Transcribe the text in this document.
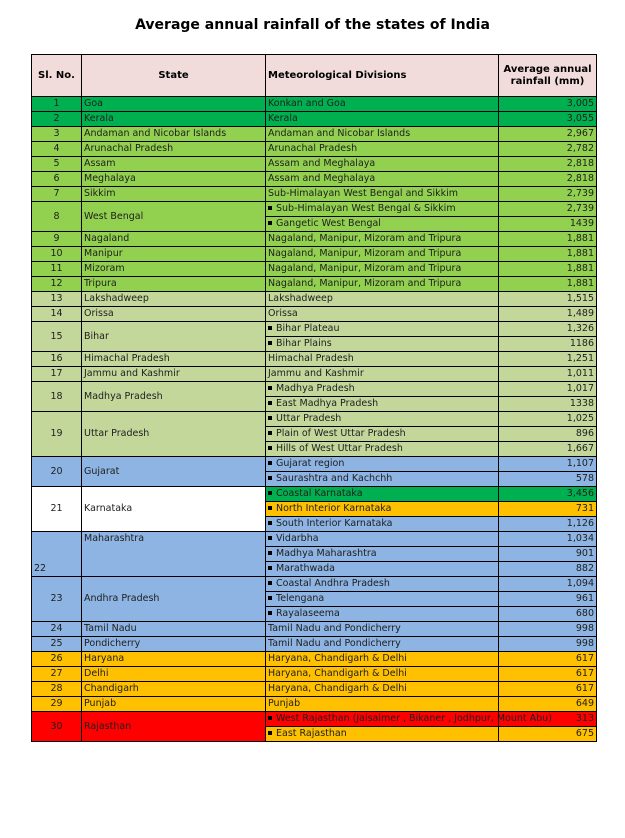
Average annual rainfall of the states of India
Sl. No.	State	Meteorological Divisions	Average annual rainfall (mm)
1	Goa	Konkan and Goa	3,005
2	Kerala	Kerala	3,055
3	Andaman and Nicobar Islands	Andaman and Nicobar Islands	2,967
4	Arunachal Pradesh	Arunachal Pradesh	2,782
5	Assam	Assam and Meghalaya	2,818
6	Meghalaya	Assam and Meghalaya	2,818
7	Sikkim	Sub-Himalayan West Bengal and Sikkim	2,739
8	West Bengal	Sub-Himalayan West Bengal & Sikkim	2,739
		Gangetic West Bengal	1439
9	Nagaland	Nagaland, Manipur, Mizoram and Tripura	1,881
10	Manipur	Nagaland, Manipur, Mizoram and Tripura	1,881
11	Mizoram	Nagaland, Manipur, Mizoram and Tripura	1,881
12	Tripura	Nagaland, Manipur, Mizoram and Tripura	1,881
13	Lakshadweep	Lakshadweep	1,515
14	Orissa	Orissa	1,489
15	Bihar	Bihar Plateau	1,326
		Bihar Plains	1186
16	Himachal Pradesh	Himachal Pradesh	1,251
17	Jammu and Kashmir	Jammu and Kashmir	1,011
18	Madhya Pradesh	Madhya Pradesh	1,017
		East Madhya Pradesh	1338
19	Uttar Pradesh	Uttar Pradesh	1,025
		Plain of West Uttar Pradesh	896
		Hills of West Uttar Pradesh	1,667
20	Gujarat	Gujarat region	1,107
		Saurashtra and Kachchh	578
21	Karnataka	Coastal Karnataka	3,456
		North Interior Karnataka	731
		South Interior Karnataka	1,126
22	Maharashtra	Vidarbha	1,034
		Madhya Maharashtra	901
		Marathwada	882
23	Andhra Pradesh	Coastal Andhra Pradesh	1,094
		Telengana	961
		Rayalaseema	680
24	Tamil Nadu	Tamil Nadu and Pondicherry	998
25	Pondicherry	Tamil Nadu and Pondicherry	998
26	Haryana	Haryana, Chandigarh & Delhi	617
27	Delhi	Haryana, Chandigarh & Delhi	617
28	Chandigarh	Haryana, Chandigarh & Delhi	617
29	Punjab	Punjab	649
30	Rajasthan	West Rajasthan (Jaisalmer , Bikaner , Jodhpur, Mount Abu)	313
		East Rajasthan	675
